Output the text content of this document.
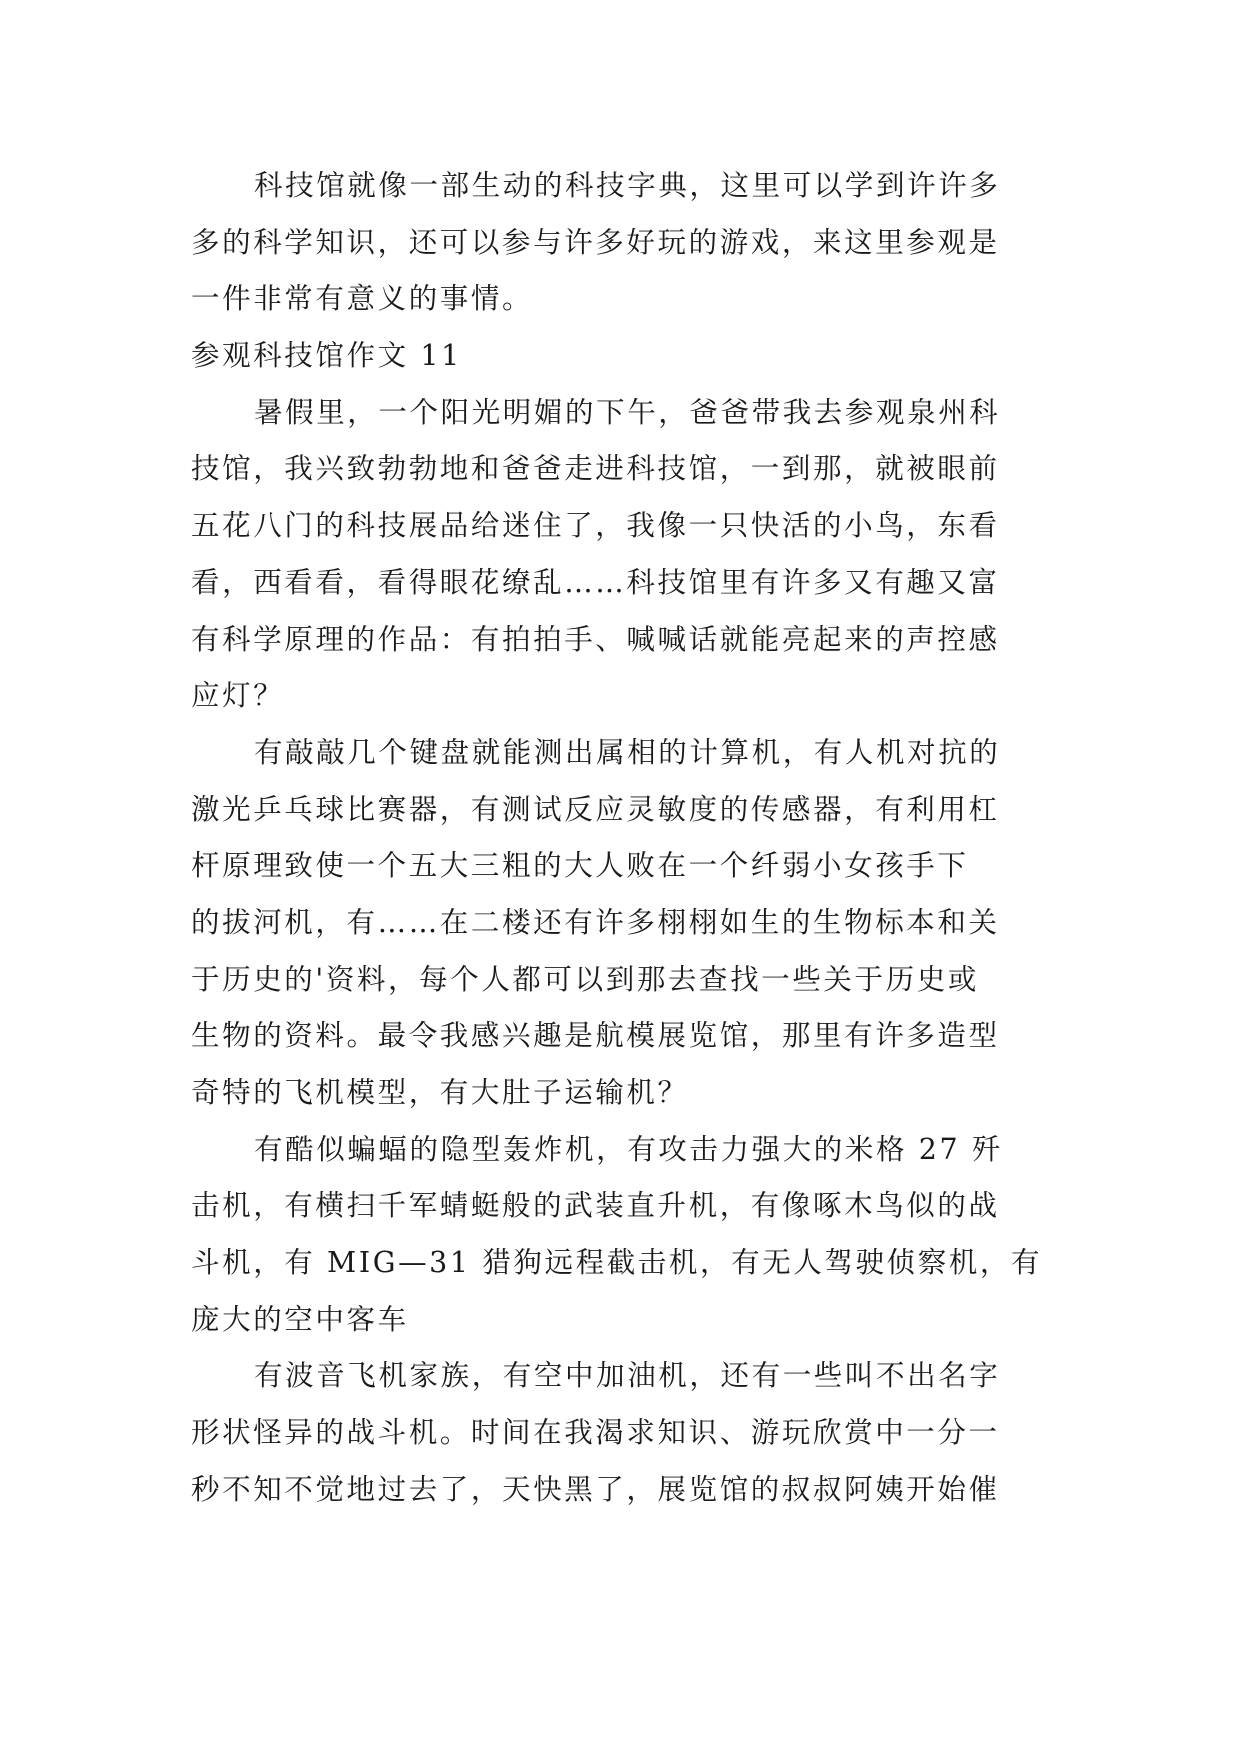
科技馆就像一部生动的科技字典，这里可以学到许许多
多的科学知识，还可以参与许多好玩的游戏，来这里参观是
一件非常有意义的事情。
参观科技馆作文 11
暑假里，一个阳光明媚的下午，爸爸带我去参观泉州科
技馆，我兴致勃勃地和爸爸走进科技馆，一到那，就被眼前
五花八门的科技展品给迷住了，我像一只快活的小鸟，东看
看，西看看，看得眼花缭乱……科技馆里有许多又有趣又富
有科学原理的作品：有拍拍手、喊喊话就能亮起来的声控感
应灯？
有敲敲几个键盘就能测出属相的计算机，有人机对抗的
激光乒乓球比赛器，有测试反应灵敏度的传感器，有利用杠
杆原理致使一个五大三粗的大人败在一个纤弱小女孩手下
的拔河机，有……在二楼还有许多栩栩如生的生物标本和关
于历史的'资料，每个人都可以到那去查找一些关于历史或
生物的资料。最令我感兴趣是航模展览馆，那里有许多造型
奇特的飞机模型，有大肚子运输机？
有酷似蝙蝠的隐型轰炸机，有攻击力强大的米格 27 歼
击机，有横扫千军蜻蜓般的武装直升机，有像啄木鸟似的战
斗机，有 MIG—31 猎狗远程截击机，有无人驾驶侦察机，有
庞大的空中客车
有波音飞机家族，有空中加油机，还有一些叫不出名字
形状怪异的战斗机。时间在我渴求知识、游玩欣赏中一分一
秒不知不觉地过去了，天快黑了，展览馆的叔叔阿姨开始催
